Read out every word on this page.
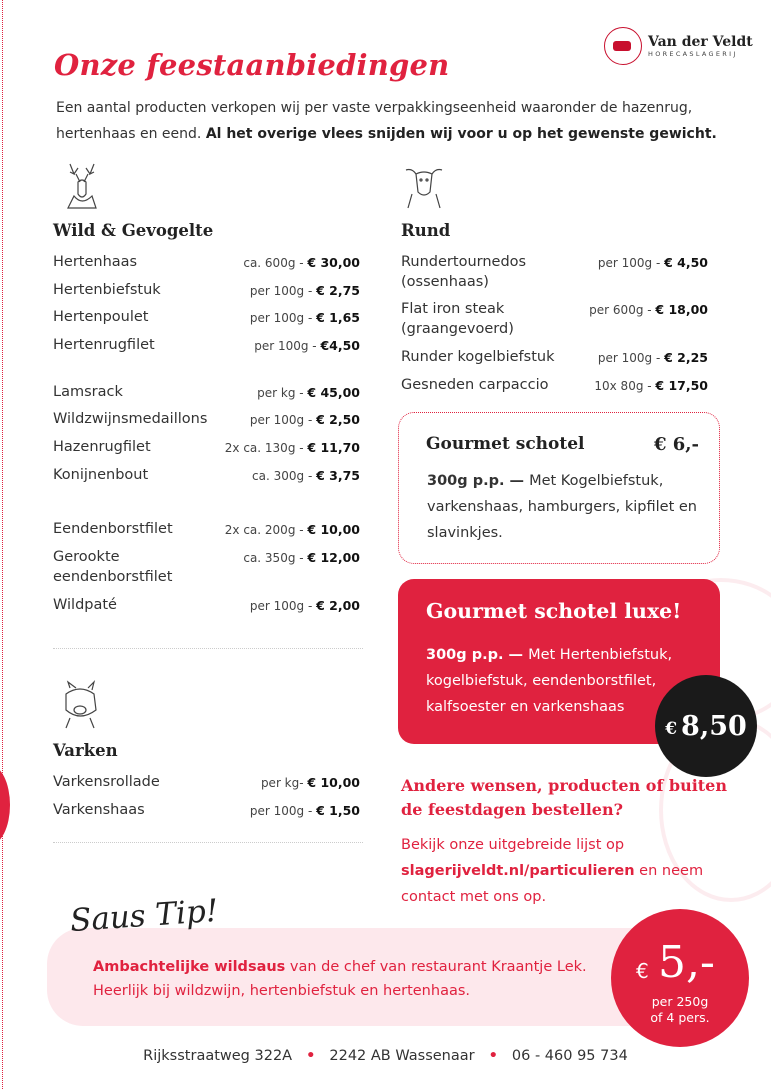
Van der Veldt
HORECASLAGERIJ
Onze feestaanbiedingen
Een aantal producten verkopen wij per vaste verpakkingseenheid waaronder de hazenrug, hertenhaas en eend. Al het overige vlees snijden wij voor u op het gewenste gewicht.
Wild & Gevogelte
Hertenhaas	ca. 600g - € 30,00
Hertenbiefstuk	per 100g - € 2,75
Hertenpoulet	per 100g - € 1,65
Hertenrugfilet	per 100g - €4,50
Lamsrack	per kg - € 45,00
Wildzwijnsmedaillons	per 100g - € 2,50
Hazenrugfilet	2x ca. 130g - € 11,70
Konijnenbout	ca. 300g - € 3,75
Eendenborstfilet	2x ca. 200g - € 10,00
Gerookte eendenborstfilet
ca. 350g - € 12,00
Wildpaté	per 100g - € 2,00
Varken
Varkensrollade	per kg- € 10,00
Varkenshaas	per 100g - € 1,50
Rund
Rundertournedos (ossenhaas)
per 100g - € 4,50
Flat iron steak (graangevoerd)
per 600g - € 18,00
Runder kogelbiefstuk	per 100g - € 2,25
Gesneden carpaccio	10x 80g - € 17,50
Gourmet schotel	€ 6,-
300g p.p. — Met Kogelbiefstuk, varkenshaas, hamburgers, kipfilet en slavinkjes.
Gourmet schotel luxe!
300g p.p. — Met Hertenbiefstuk, kogelbiefstuk, eendenborstfilet, kalfsoester en varkenshaas
€ 8,50
Andere wensen, producten of buiten de feestdagen bestellen?
Bekijk onze uitgebreide lijst op slagerijveldt.nl/particulieren en neem contact met ons op.
Saus Tip!
Ambachtelijke wildsaus van de chef van restaurant Kraantje Lek. Heerlijk bij wildzwijn, hertenbiefstuk en hertenhaas.
€ 5,-
per 250g
of 4 pers.
Rijksstraatweg 322A • 2242 AB Wassenaar • 06 - 460 95 734
